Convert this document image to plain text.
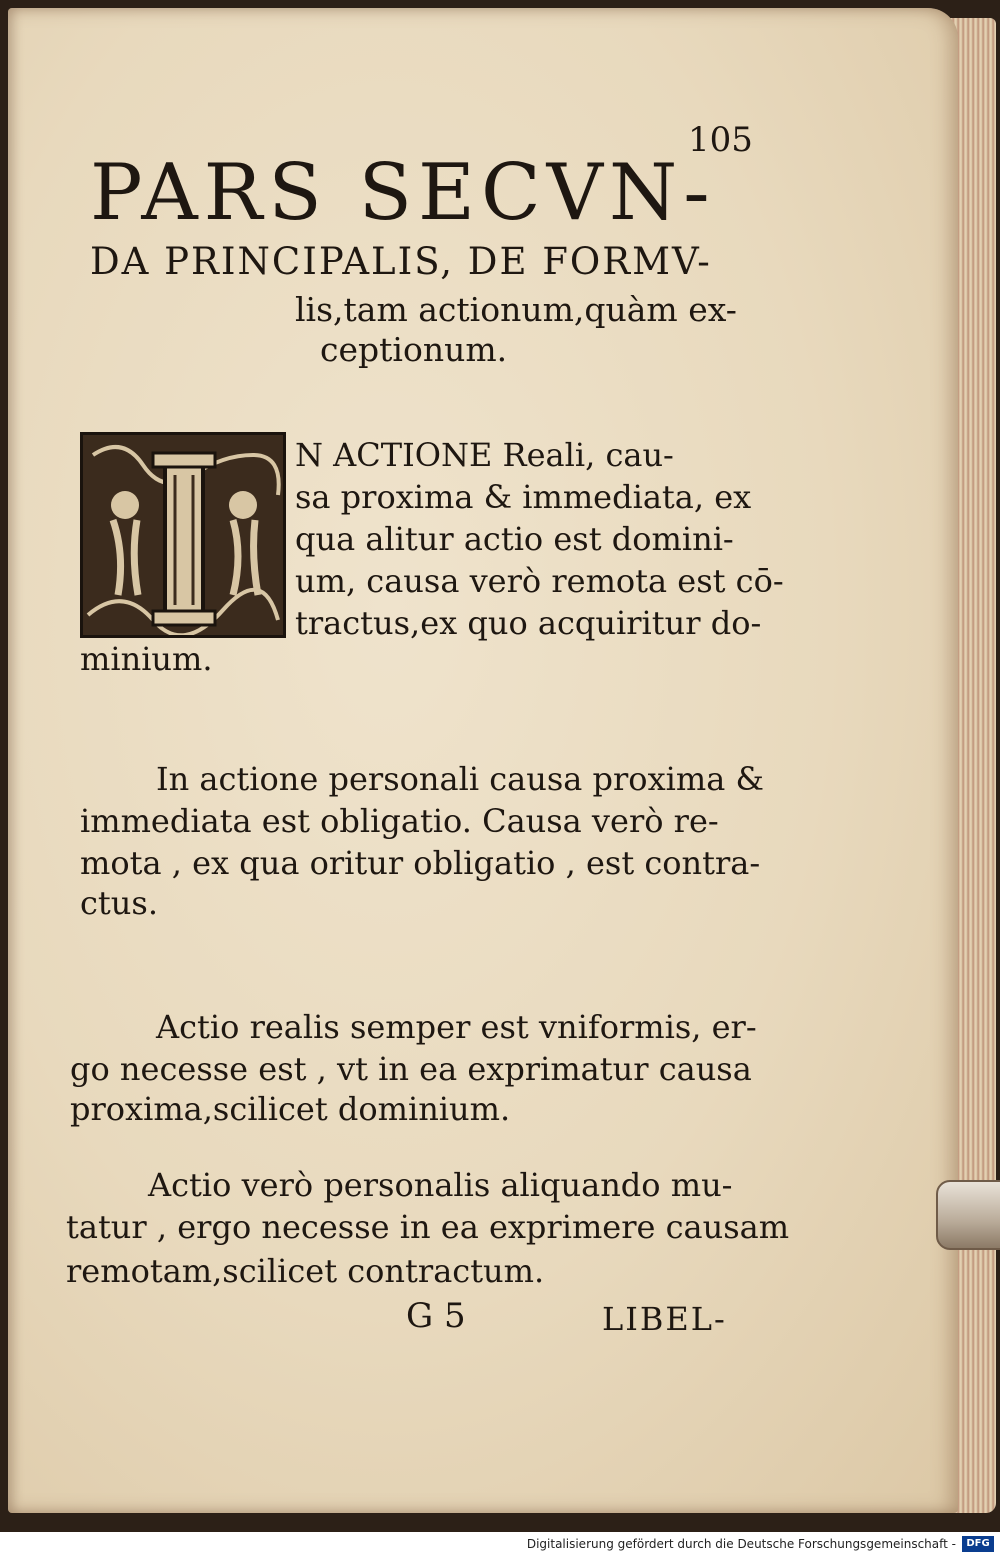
105
PARS SECVN-
DA PRINCIPALIS, DE FORMV-
lis,tam actionum,quàm ex-
ceptionum.
N ACTIONE Reali, cau-
sa proxima & immediata, ex
qua alitur actio est domini-
um, causa verò remota est cō-
tractus,ex quo acquiritur do-
minium.
In actione personali causa proxima &
immediata est obligatio. Causa verò re-
mota , ex qua oritur obligatio , est contra-
ctus.
Actio realis semper est vniformis, er-
go necesse est , vt in ea exprimatur causa
proxima,scilicet dominium.
Actio verò personalis aliquando mu-
tatur , ergo necesse in ea exprimere causam
remotam,scilicet contractum.
G 5	LIBEL-
Digitalisierung gefördert durch die Deutsche Forschungsgemeinschaft -	DFG
